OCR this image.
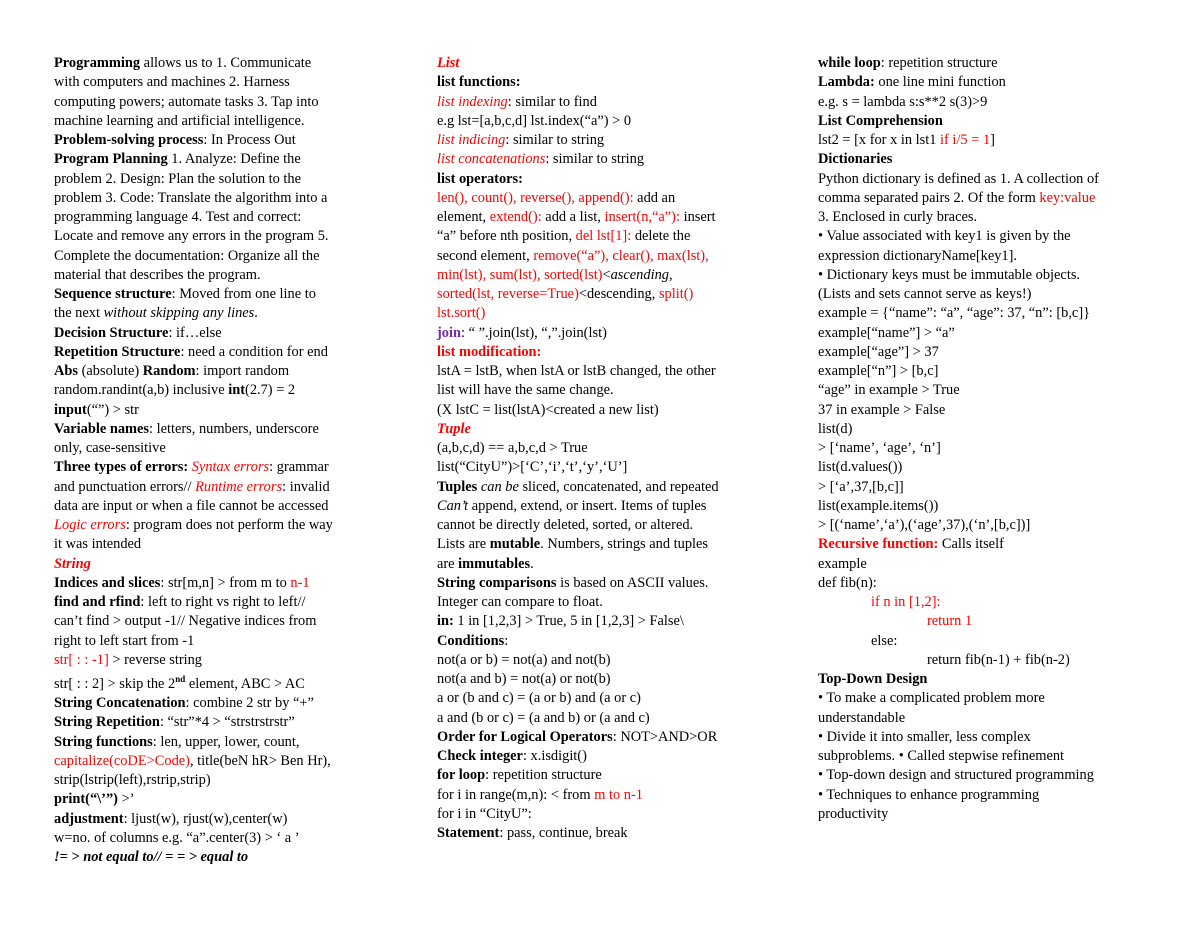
Programming allows us to 1. Communicate
with computers and machines 2. Harness
computing powers; automate tasks 3. Tap into
machine learning and artificial intelligence.
Problem-solving process: In Process Out
Program Planning 1. Analyze: Define the
problem 2. Design: Plan the solution to the
problem 3. Code: Translate the algorithm into a
programming language 4. Test and correct:
Locate and remove any errors in the program 5.
Complete the documentation: Organize all the
material that describes the program.
Sequence structure: Moved from one line to
the next without skipping any lines.
Decision Structure: if…else
Repetition Structure: need a condition for end
Abs (absolute) Random: import random
random.randint(a,b) inclusive int(2.7) = 2
input(“”) > str
Variable names: letters, numbers, underscore
only, case-sensitive
Three types of errors: Syntax errors: grammar
and punctuation errors// Runtime errors: invalid
data are input or when a file cannot be accessed
Logic errors: program does not perform the way
it was intended
String
Indices and slices: str[m,n] > from m to n-1
find and rfind: left to right vs right to left//
can’t find > output -1// Negative indices from
right to left start from -1
str[ : : -1] > reverse string
str[ : : 2] > skip the 2nd element, ABC > AC
String Concatenation: combine 2 str by “+”
String Repetition: “str”*4 > “strstrstrstr”
String functions: len, upper, lower, count,
capitalize(coDE>Code), title(beN hR> Ben Hr),
strip(lstrip(left),rstrip,strip)
print(“\’”) >’
adjustment: ljust(w), rjust(w),center(w)
w=no. of columns e.g. “a”.center(3) > ‘ a ’
!= > not equal to// = = > equal to
List
list functions:
list indexing: similar to find
e.g lst=[a,b,c,d] lst.index(“a”) > 0
list indicing: similar to string
list concatenations: similar to string
list operators:
len(), count(), reverse(), append(): add an
element, extend(): add a list, insert(n,“a”): insert
“a” before nth position, del lst[1]: delete the
second element, remove(“a”), clear(), max(lst),
min(lst), sum(lst), sorted(lst)<ascending,
sorted(lst, reverse=True)<descending, split()
lst.sort()
join: “ ”.join(lst), “,”.join(lst)
list modification:
lstA = lstB, when lstA or lstB changed, the other
list will have the same change.
(X lstC = list(lstA)<created a new list)
Tuple
(a,b,c,d) == a,b,c,d > True
list(“CityU”)>[‘C’,‘i’,‘t’,‘y’,‘U’]
Tuples can be sliced, concatenated, and repeated
Can’t append, extend, or insert. Items of tuples
cannot be directly deleted, sorted, or altered.
Lists are mutable. Numbers, strings and tuples
are immutables.
String comparisons is based on ASCII values.
Integer can compare to float.
in: 1 in [1,2,3] > True, 5 in [1,2,3] > False\
Conditions:
not(a or b) = not(a) and not(b)
not(a and b) = not(a) or not(b)
a or (b and c) = (a or b) and (a or c)
a and (b or c) = (a and b) or (a and c)
Order for Logical Operators: NOT>AND>OR
Check integer: x.isdigit()
for loop: repetition structure
for i in range(m,n): < from m to n-1
for i in “CityU”:
Statement: pass, continue, break
while loop: repetition structure
Lambda: one line mini function
e.g. s = lambda s:s**2 s(3)>9
List Comprehension
lst2 = [x for x in lst1 if i/5 = 1]
Dictionaries
Python dictionary is defined as 1. A collection of
comma separated pairs 2. Of the form key:value
3. Enclosed in curly braces.
• Value associated with key1 is given by the
expression dictionaryName[key1].
• Dictionary keys must be immutable objects.
(Lists and sets cannot serve as keys!)
example = {“name”: “a”, “age”: 37, “n”: [b,c]}
example[“name”] > “a”
example[“age”] > 37
example[“n”] > [b,c]
“age” in example > True
37 in example > False
list(d)
> [‘name’, ‘age’, ‘n’]
list(d.values())
> [‘a’,37,[b,c]]
list(example.items())
> [(‘name’,‘a’),(‘age’,37),(‘n’,[b,c])]
Recursive function: Calls itself
example
def fib(n):
if n in [1,2]:
return 1
else:
return fib(n-1) + fib(n-2)
Top-Down Design
• To make a complicated problem more
understandable
• Divide it into smaller, less complex
subproblems. • Called stepwise refinement
• Top-down design and structured programming
• Techniques to enhance programming
productivity
